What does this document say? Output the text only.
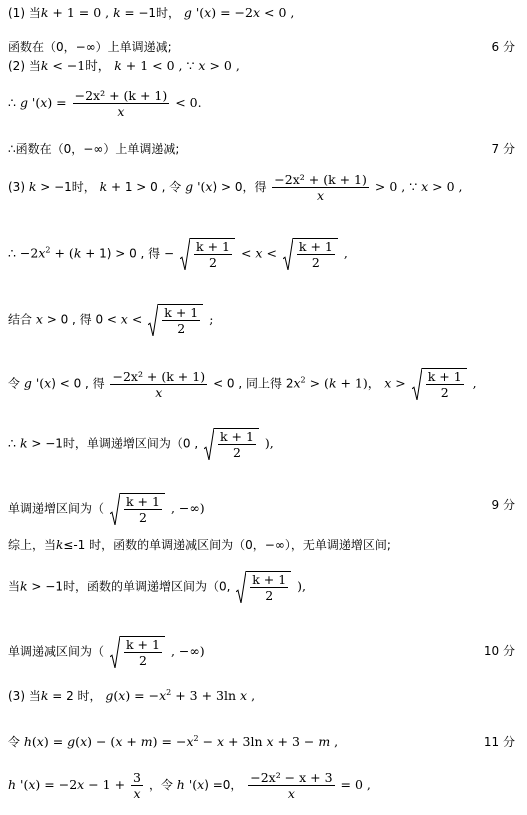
(1) 当k + 1 = 0 , k = −1时， g '(x) = −2x < 0 ,
函数在（0，−∞）上单调递减;	6 分
(2) 当k < −1时， k + 1 < 0 , ∵ x > 0 ,
∴ g '$(x) = \frac{\text{−2x² + (k + 1)}}{x} < 0$.
∴函数在（0，−∞）上单调递减;	7 分
(3) k > −1时， k + 1 > 0 , 令 g '(x) > 0，得 $\frac{\text{−2x² + (k + 1)}}{x} > 0$ , ∵ x > 0 ,
∴ $-2x^2 + (k + 1) > 0$ , 得 − $\frac{k + 1}{2} < x < \frac{k + 1}{2}$ ,
结合 x > 0 , 得 $0 < x < \frac{k + 1}{2}$ ;
令 g '(x) < 0 , 得 $\frac{\text{−2x² + (k + 1)}}{x} < 0$ , 同上得 $2x^2 > (k + 1)$， $x > \frac{k + 1}{2}$ ,
∴ k > −1时，单调递增区间为（0 , $\frac{k + 1}{2}$ ),
单调递增区间为（ $\frac{k + 1}{2}$ , −∞)	9 分
综上，当k≤-1 时，函数的单调递减区间为（0，−∞），无单调递增区间;
当k > −1时，函数的单调递增区间为（0, $\frac{k + 1}{2}$ ),
单调递减区间为（ $\frac{k + 1}{2}$ , −∞)	10 分
(3) 当k = 2 时， $g(x) = -x^2 + 3 + 3\ln$ x ,
令 $h(x) = g(x) - (x + m) = -x^2 - x + 3\ln$ x + 3 − m ,	11 分
h '$(x) = -2x - 1 + \frac{3}{x}$ ，令 h '(x) =0， $\frac{\text{−2x² − x + 3}}{x} = 0$ ,
